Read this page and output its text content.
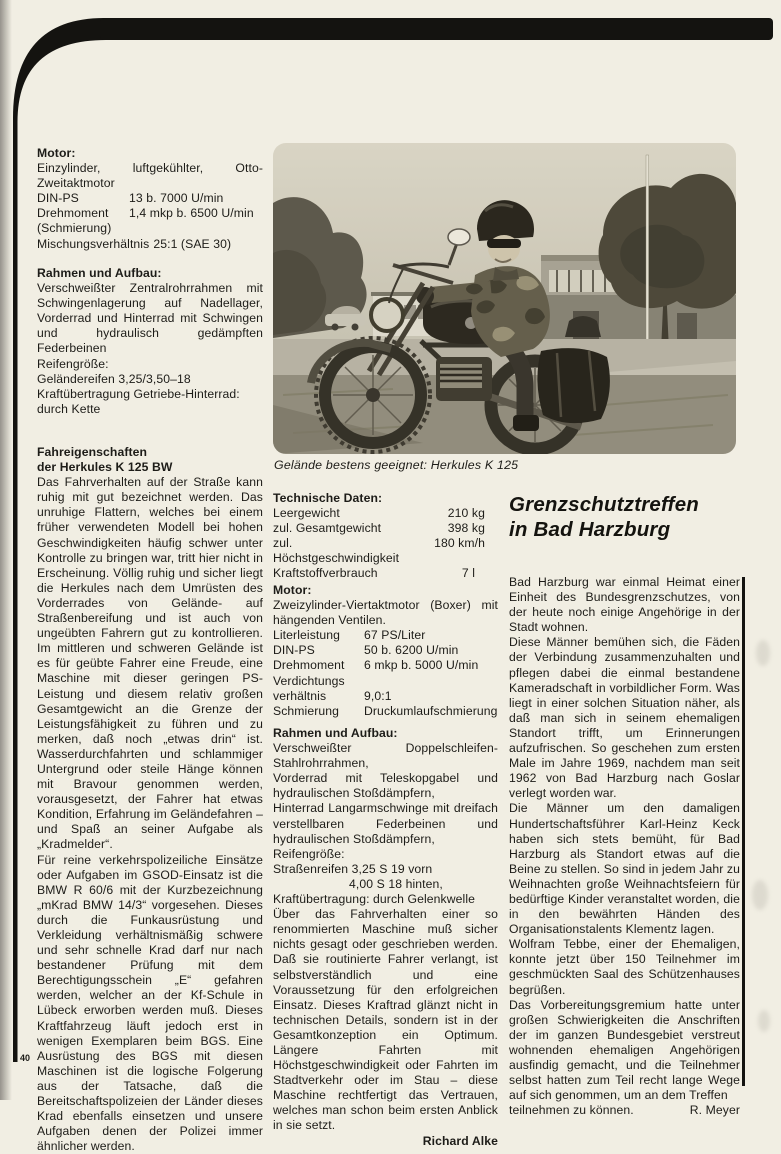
Motor:
Einzylinder, luftgekühlter, Otto-Zweitaktmotor
DIN-PS	13 b. 7000 U/min
Drehmoment	1,4 mkp b. 6500 U/min
(Schmierung)
Mischungsverhältnis 25:1 (SAE 30)
Rahmen und Aufbau:
Verschweißter Zentralrohrrahmen mit Schwingenlagerung auf Nadellager, Vorderrad und Hinterrad mit Schwingen und hydraulisch gedämpften Federbeinen
Reifengröße:
Geländereifen 3,25/3,50–18
Kraftübertragung Getriebe-Hinterrad: durch Kette
Fahreigenschaften
der Herkules K 125 BW
Das Fahrverhalten auf der Straße kann ruhig mit gut bezeichnet werden. Das unruhige Flattern, welches bei einem früher verwendeten Modell bei hohen Geschwindigkeiten häufig schwer unter Kontrolle zu bringen war, tritt hier nicht in Erscheinung. Völlig ruhig und sicher liegt die Herkules nach dem Umrüsten des Vorderrades von Gelände- auf Straßenbereifung und ist auch von ungeübten Fahrern gut zu kontrollieren. Im mittleren und schweren Gelände ist es für geübte Fahrer eine Freude, eine Maschine mit dieser geringen PS-Leistung und diesem relativ großen Gesamtgewicht an die Grenze der Leistungsfähigkeit zu führen und zu merken, daß noch „etwas drin“ ist. Wasserdurchfahrten und schlammiger Untergrund oder steile Hänge können mit Bravour genommen werden, vorausgesetzt, der Fahrer hat etwas Kondition, Erfahrung im Geländefahren – und Spaß an seiner Aufgabe als „Kradmelder“.
Für reine verkehrspolizeiliche Einsätze oder Aufgaben im GSOD-Einsatz ist die BMW R 60/6 mit der Kurzbezeichnung „mKrad BMW 14/3“ vorgesehen. Dieses durch die Funkausrüstung und Verkleidung verhältnismäßig schwere und sehr schnelle Krad darf nur nach bestandener Prüfung mit dem Berechtigungsschein „E“ gefahren werden, welcher an der Kf-Schule in Lübeck erworben werden muß. Dieses Kraftfahrzeug läuft jedoch erst in wenigen Exemplaren beim BGS. Eine Ausrüstung des BGS mit diesen Maschinen ist die logische Folgerung aus der Tatsache, daß die Bereitschaftspolizeien der Länder dieses Krad ebenfalls einsetzen und unsere Aufgaben denen der Polizei immer ähnlicher werden.
40
Gelände bestens geeignet: Herkules K 125
Technische Daten:
Leergewicht	210 kg
zul. Gesamtgewicht	398 kg
zul. Höchstgeschwindigkeit
180 km/h
Kraftstoffverbrauch	7 l
Motor:
Zweizylinder-Viertaktmotor (Boxer) mit hängenden Ventilen.
Literleistung	67 PS/Liter
DIN-PS	50 b. 6200 U/min
Drehmoment	6 mkp b. 5000 U/min
Verdichtungs
verhältnis	9,0:1
Schmierung	Druckumlaufschmierung
Rahmen und Aufbau:
Verschweißter Doppelschleifen-Stahlrohrrahmen,
Vorderrad mit Teleskopgabel und hydraulischen Stoßdämpfern,
Hinterrad Langarmschwinge mit dreifach verstellbaren Federbeinen und hydraulischen Stoßdämpfern,
Reifengröße:
Straßenreifen 3,25 S 19 vorn
4,00 S 18 hinten,
Kraftübertragung: durch Gelenkwelle
Über das Fahrverhalten einer so renommierten Maschine muß sicher nichts gesagt oder geschrieben werden. Daß sie routinierte Fahrer verlangt, ist selbstverständlich und eine Voraussetzung für den erfolgreichen Einsatz. Dieses Kraftrad glänzt nicht in technischen Details, sondern ist in der Gesamtkonzeption ein Optimum. Längere Fahrten mit Höchstgeschwindigkeit oder Fahrten im Stadtverkehr oder im Stau – diese Maschine rechtfertigt das Vertrauen, welches man schon beim ersten Anblick in sie setzt.
Richard Alke
Grenzschutztreffen
in Bad Harzburg
Bad Harzburg war einmal Heimat einer Einheit des Bundesgrenzschutzes, von der heute noch einige Angehörige in der Stadt wohnen.
Diese Männer bemühen sich, die Fäden der Verbindung zusammenzuhalten und pflegen dabei die einmal bestandene Kameradschaft in vorbildlicher Form. Was liegt in einer solchen Situation näher, als daß man sich in seinem ehemaligen Standort trifft, um Erinnerungen aufzufrischen. So geschehen zum ersten Male im Jahre 1969, nachdem man seit 1962 von Bad Harzburg nach Goslar verlegt worden war.
Die Männer um den damaligen Hundertschaftsführer Karl-Heinz Keck haben sich stets bemüht, für Bad Harzburg als Standort etwas auf die Beine zu stellen. So sind in jedem Jahr zu Weihnachten große Weihnachtsfeiern für bedürftige Kinder veranstaltet worden, die in den bewährten Händen des Organisationstalents Klementz lagen.
Wolfram Tebbe, einer der Ehemaligen, konnte jetzt über 150 Teilnehmer im geschmückten Saal des Schützenhauses begrüßen.
Das Vorbereitungsgremium hatte unter großen Schwierigkeiten die Anschriften der im ganzen Bundesgebiet verstreut wohnenden ehemaligen Angehörigen ausfindig gemacht, und die Teilnehmer selbst hatten zum Teil recht lange Wege auf sich genommen, um an dem Treffen
teilnehmen zu können.	R. Meyer
